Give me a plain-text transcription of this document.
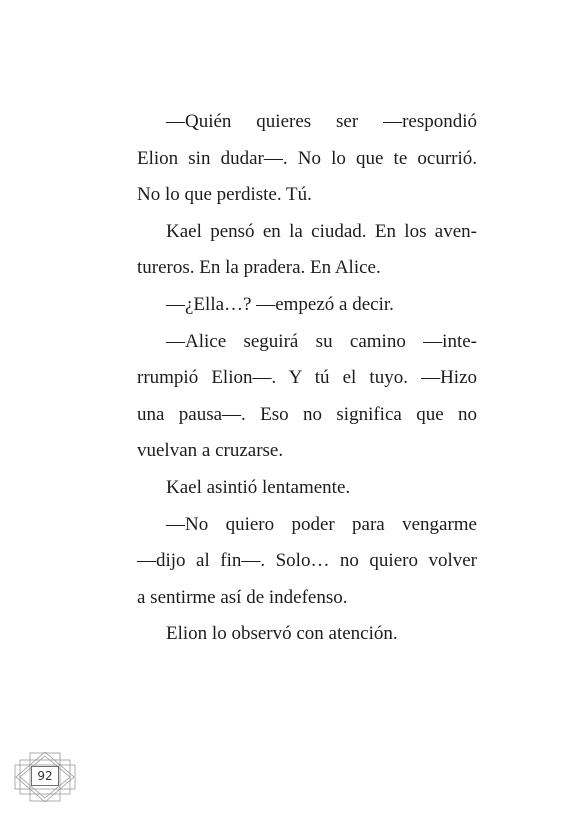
—Quién quieres ser —respondió
Elion sin dudar—. No lo que te ocurrió.
No lo que perdiste. Tú.

Kael pensó en la ciudad. En los aven-
tureros. En la pradera. En Alice.

—¿Ella…? —empezó a decir.

—Alice seguirá su camino —inte-
rrumpió Elion—. Y tú el tuyo. —Hizo
una pausa—. Eso no significa que no
vuelvan a cruzarse.

Kael asintió lentamente.

—No quiero poder para vengarme
—dijo al fin—. Solo… no quiero volver
a sentirme así de indefenso.

Elion lo observó con atención.

92
